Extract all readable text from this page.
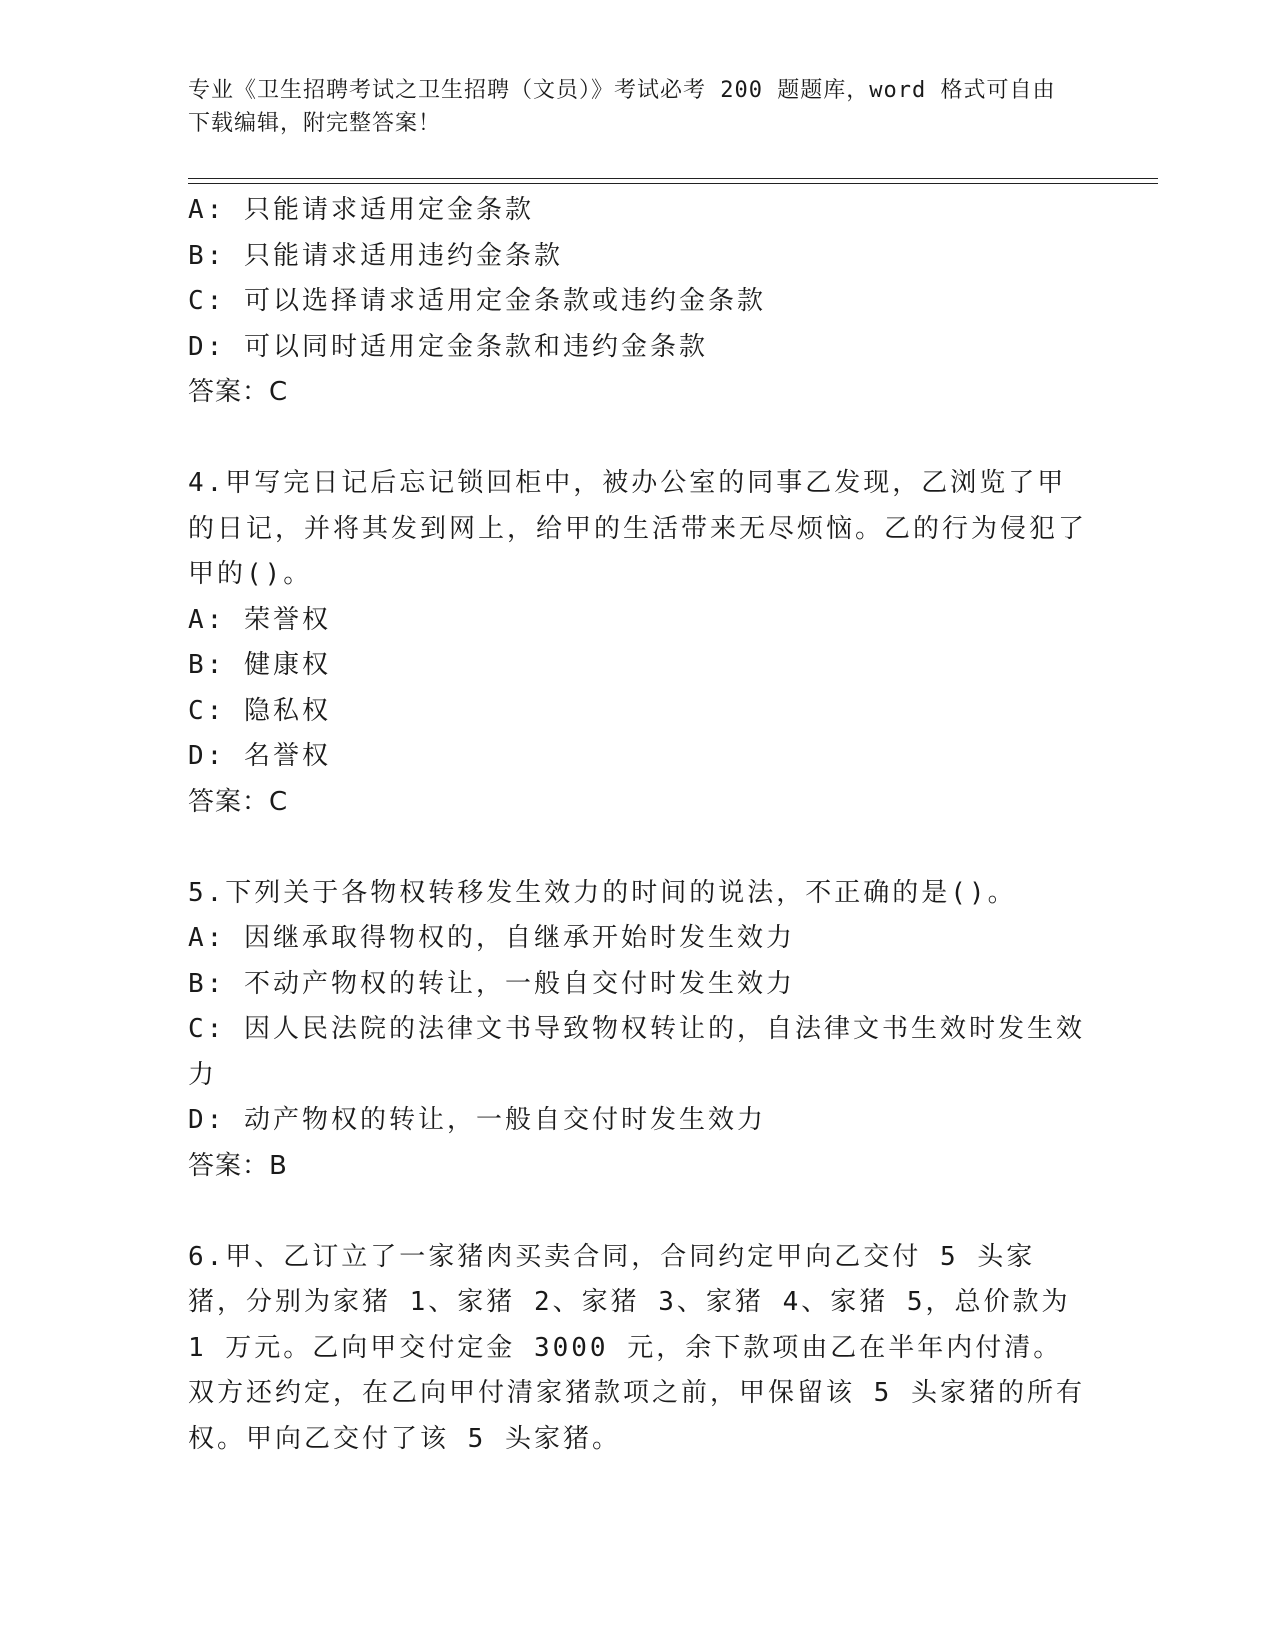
专业《卫生招聘考试之卫生招聘（文员）》考试必考 200 题题库，word 格式可自由下载编辑，附完整答案！
A: 只能请求适用定金条款
B: 只能请求适用违约金条款
C: 可以选择请求适用定金条款或违约金条款
D: 可以同时适用定金条款和违约金条款
答案：C
4.甲写完日记后忘记锁回柜中，被办公室的同事乙发现，乙浏览了甲的日记，并将其发到网上，给甲的生活带来无尽烦恼。乙的行为侵犯了甲的()。
A: 荣誉权
B: 健康权
C: 隐私权
D: 名誉权
答案：C
5.下列关于各物权转移发生效力的时间的说法，不正确的是()。
A: 因继承取得物权的，自继承开始时发生效力
B: 不动产物权的转让，一般自交付时发生效力
C: 因人民法院的法律文书导致物权转让的，自法律文书生效时发生效力
D: 动产物权的转让，一般自交付时发生效力
答案：B
6.甲、乙订立了一家猪肉买卖合同，合同约定甲向乙交付 5 头家猪，分别为家猪 1、家猪 2、家猪 3、家猪 4、家猪 5，总价款为 1 万元。乙向甲交付定金 3000 元，余下款项由乙在半年内付清。双方还约定，在乙向甲付清家猪款项之前，甲保留该 5 头家猪的所有权。甲向乙交付了该 5 头家猪。
